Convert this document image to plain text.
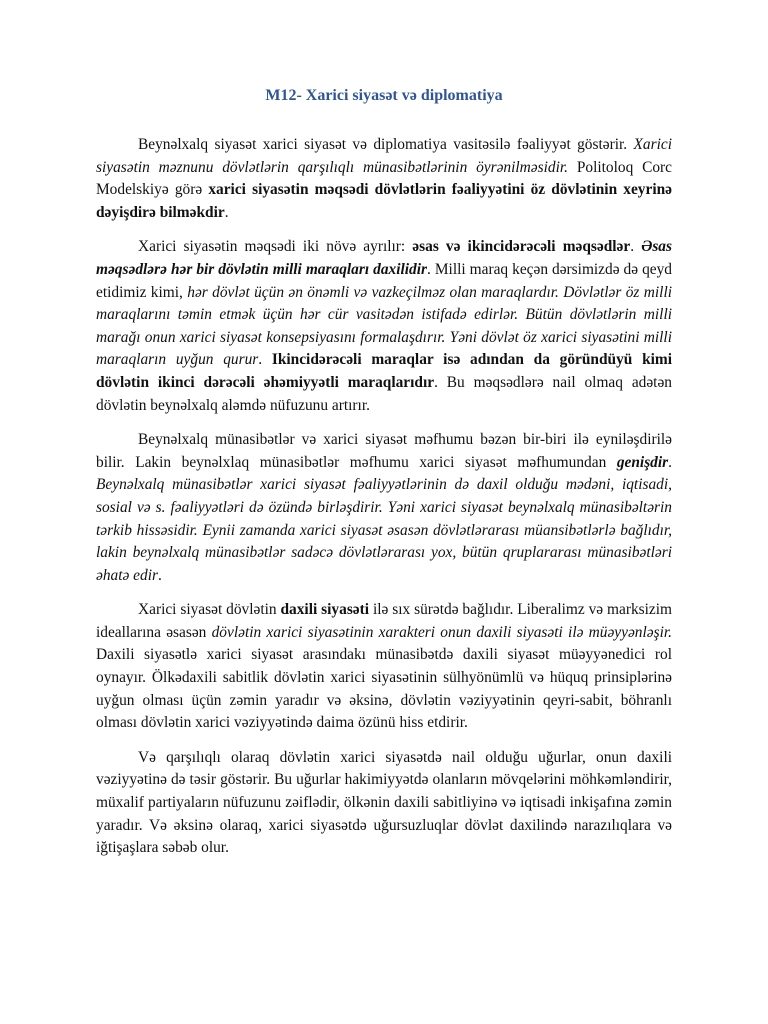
M12- Xarici siyasət və diplomatiya

Beynəlxalq siyasət xarici siyasət və diplomatiya vasitəsilə fəaliyyət göstərir. Xarici siyasətin məznunu dövlətlərin qarşılıqlı münasibətlərinin öyrənilməsidir. Politoloq Corc Modelskiyə görə xarici siyasətin məqsədi dövlətlərin fəaliyyətini öz dövlətinin xeyrinə dəyişdirə bilməkdir.

Xarici siyasətin məqsədi iki növə ayrılır: əsas və ikincidərəcəli məqsədlər. Əsas məqsədlərə hər bir dövlətin milli maraqları daxilidir. Milli maraq keçən dərsimizdə də qeyd etidimiz kimi, hər dövlət üçün ən önəmli və vazkeçilməz olan maraqlardır. Dövlətlər öz milli maraqlarını təmin etmək üçün hər cür vasitədən istifadə edirlər. Bütün dövlətlərin milli marağı onun xarici siyasət konsepsiyasını formalaşdırır. Yəni dövlət öz xarici siyasətini milli maraqların uyğun qurur. Ikincidərəcəli maraqlar isə adından da göründüyü kimi dövlətin ikinci dərəcəli əhəmiyyətli maraqlarıdır. Bu məqsədlərə nail olmaq adətən dövlətin beynəlxalq aləmdə nüfuzunu artırır.

Beynəlxalq münasibətlər və xarici siyasət məfhumu bəzən bir-biri ilə eyniləşdirilə bilir. Lakin beynəlxlaq münasibətlər məfhumu xarici siyasət məfhumundan genişdir. Beynəlxalq münasibətlər xarici siyasət fəaliyyətlərinin də daxil olduğu mədəni, iqtisadi, sosial və s. fəaliyyətləri də özündə birləşdirir. Yəni xarici siyasət beynəlxalq münasibəltərin tərkib hissəsidir. Eynii zamanda xarici siyasət əsasən dövlətlərarası müansibətlərlə bağlıdır, lakin beynəlxalq münasibətlər sadəcə dövlətlərarası yox, bütün qruplararası münasibətləri əhatə edir.

Xarici siyasət dövlətin daxili siyasəti ilə sıx sürətdə bağlıdır. Liberalimz və marksizim ideallarına əsasən dövlətin xarici siyasətinin xarakteri onun daxili siyasəti ilə müəyyənləşir. Daxili siyasətlə xarici siyasət arasındakı münasibətdə daxili siyasət müəyyənedici rol oynayır. Ölkədaxili sabitlik dövlətin xarici siyasətinin sülhyönümlü və hüquq prinsiplərinə uyğun olması üçün zəmin yaradır və əksinə, dövlətin vəziyyətinin qeyri-sabit, böhranlı olması dövlətin xarici vəziyyətində daima özünü hiss etdirir.

Və qarşılıqlı olaraq dövlətin xarici siyasətdə nail olduğu uğurlar, onun daxili vəziyyətinə də təsir göstərir. Bu uğurlar hakimiyyətdə olanların mövqelərini möhkəmləndirir, müxalif partiyaların nüfuzunu zəiflədir, ölkənin daxili sabitliyinə və iqtisadi inkişafına zəmin yaradır. Və əksinə olaraq, xarici siyasətdə uğursuzluqlar dövlət daxilində narazılıqlara və iğtişaşlara səbəb olur.
